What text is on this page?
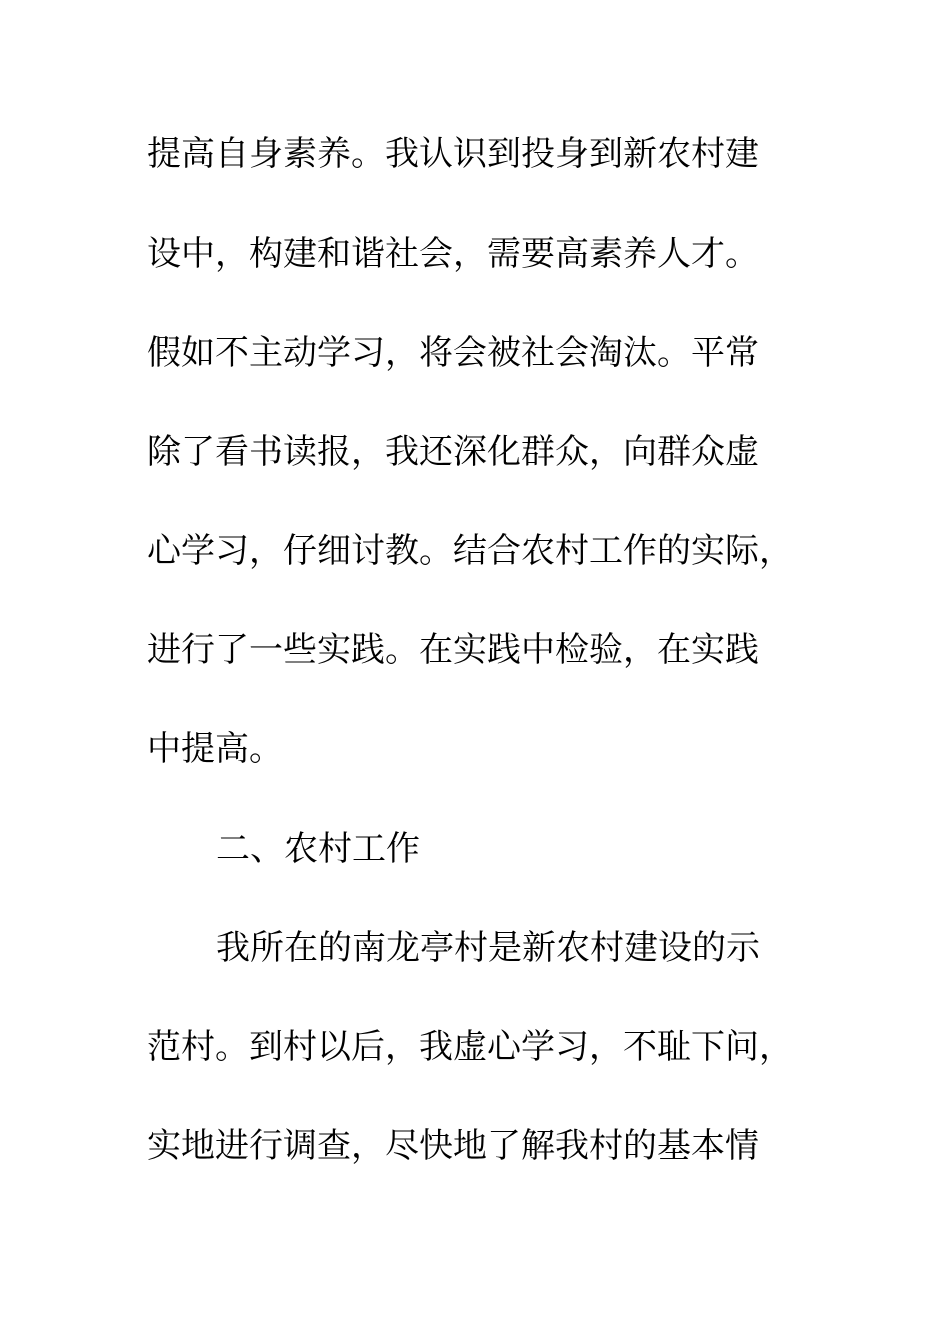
提高自身素养。我认识到投身到新农村建
设中，构建和谐社会，需要高素养人才。
假如不主动学习，将会被社会淘汰。平常
除了看书读报，我还深化群众，向群众虚
心学习，仔细讨教。结合农村工作的实际，
进行了一些实践。在实践中检验，在实践
中提高。
二、农村工作
我所在的南龙亭村是新农村建设的示
范村。到村以后，我虚心学习，不耻下问，
实地进行调查，尽快地了解我村的基本情
